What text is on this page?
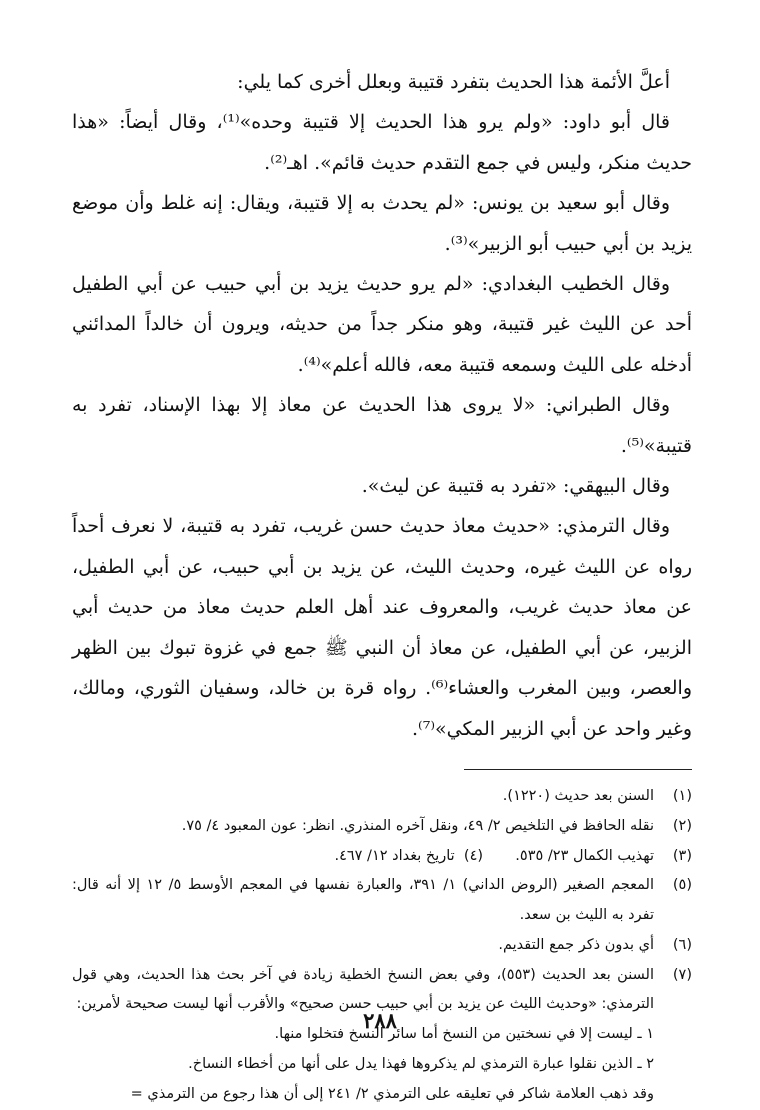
أعلَّ الأئمة هذا الحديث بتفرد قتيبة وبعلل أخرى كما يلي:

قال أبو داود: «ولم يرو هذا الحديث إلا قتيبة وحده»⁽¹⁾، وقال أيضاً: «هذا حديث منكر، وليس في جمع التقدم حديث قائم». اهـ⁽²⁾.

وقال أبو سعيد بن يونس: «لم يحدث به إلا قتيبة، ويقال: إنه غلط وأن موضع يزيد بن أبي حبيب أبو الزبير»⁽³⁾.

وقال الخطيب البغدادي: «لم يرو حديث يزيد بن أبي حبيب عن أبي الطفيل أحد عن الليث غير قتيبة، وهو منكر جداً من حديثه، ويرون أن خالداً المدائني أدخله على الليث وسمعه قتيبة معه، فالله أعلم»⁽⁴⁾.

وقال الطبراني: «لا يروى هذا الحديث عن معاذ إلا بهذا الإسناد، تفرد به قتيبة»⁽⁵⁾.

وقال البيهقي: «تفرد به قتيبة عن ليث».

وقال الترمذي: «حديث معاذ حديث حسن غريب، تفرد به قتيبة، لا نعرف أحداً رواه عن الليث غيره، وحديث الليث، عن يزيد بن أبي حبيب، عن أبي الطفيل، عن معاذ حديث غريب، والمعروف عند أهل العلم حديث معاذ من حديث أبي الزبير، عن أبي الطفيل، عن معاذ أن النبي ﷺ جمع في غزوة تبوك بين الظهر والعصر، وبين المغرب والعشاء⁽⁶⁾. رواه قرة بن خالد، وسفيان الثوري، ومالك، وغير واحد عن أبي الزبير المكي»⁽⁷⁾.

(١)
السنن بعد حديث (١٢٢٠).
(٢)
نقله الحافظ في التلخيص ٢/ ٤٩، ونقل آخره المنذري. انظر: عون المعبود ٤/ ٧٥.
(٣)
تهذيب الكمال ٢٣/ ٥٣٥.       (٤)  تاريخ بغداد ١٢/ ٤٦٧.
(٥)
المعجم الصغير (الروض الداني) ١/ ٣٩١، والعبارة نفسها في المعجم الأوسط ٥/ ١٢ إلا أنه قال: تفرد به الليث بن سعد.
(٦)
أي بدون ذكر جمع التقديم.
(٧)
السنن بعد الحديث (٥٥٣)، وفي بعض النسخ الخطية زيادة في آخر بحث هذا الحديث، وهي قول الترمذي: «وحديث الليث عن يزيد بن أبي حبيب حسن صحيح» والأقرب أنها ليست صحيحة لأمرين:
١ ـ ليست إلا في نسختين من النسخ أما سائر النسخ فتخلوا منها.
٢ ـ الذين نقلوا عبارة الترمذي لم يذكروها فهذا يدل على أنها من أخطاء النساخ.
وقد ذهب العلامة شاكر في تعليقه على الترمذي ٢/ ٢٤١ إلى أن هذا رجوع من الترمذي =
٢٨٨
